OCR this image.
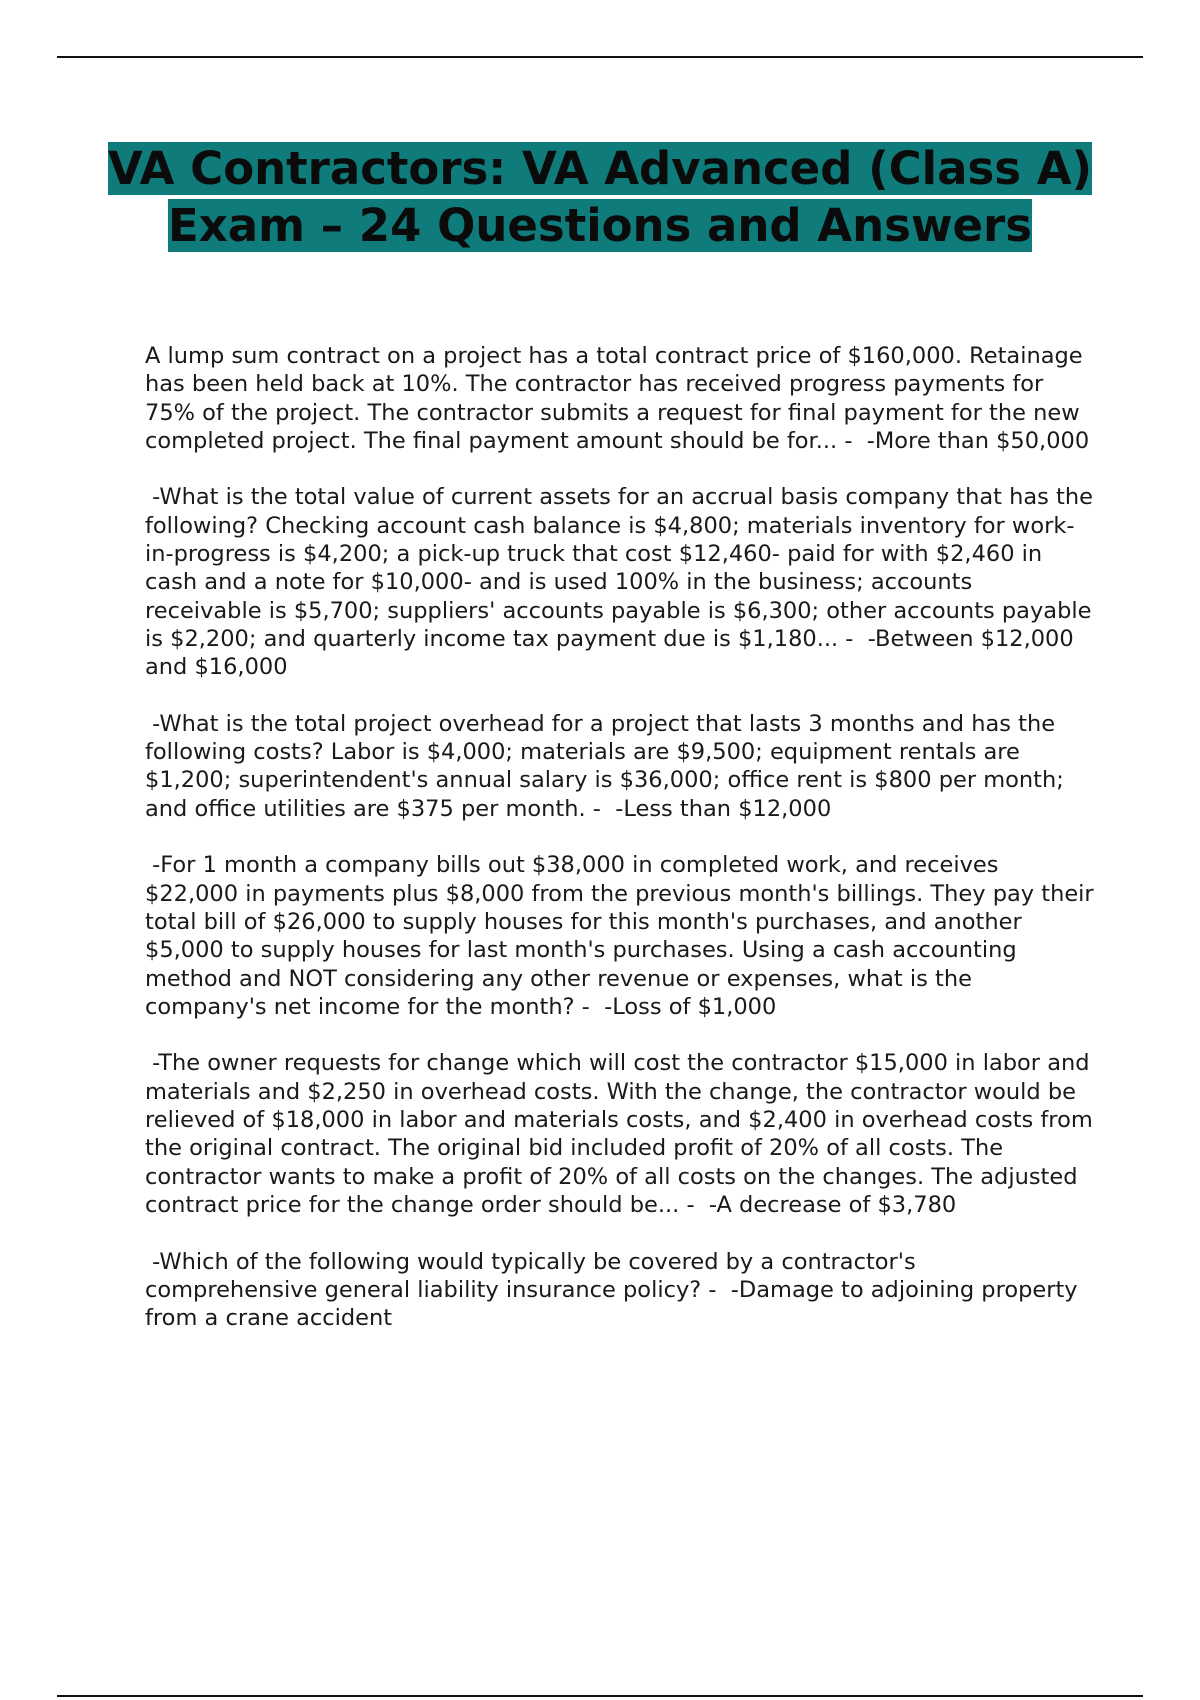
VA Contractors: VA Advanced (Class A) Exam – 24 Questions and Answers

A lump sum contract on a project has a total contract price of $160,000. Retainage has been held back at 10%. The contractor has received progress payments for 75% of the project. The contractor submits a request for final payment for the new completed project. The final payment amount should be for... -  -More than $50,000

-What is the total value of current assets for an accrual basis company that has the following? Checking account cash balance is $4,800; materials inventory for work-in-progress is $4,200; a pick-up truck that cost $12,460- paid for with $2,460 in cash and a note for $10,000- and is used 100% in the business; accounts receivable is $5,700; suppliers' accounts payable is $6,300; other accounts payable is $2,200; and quarterly income tax payment due is $1,180... -  -Between $12,000 and $16,000

-What is the total project overhead for a project that lasts 3 months and has the following costs? Labor is $4,000; materials are $9,500; equipment rentals are $1,200; superintendent's annual salary is $36,000; office rent is $800 per month; and office utilities are $375 per month. -  -Less than $12,000

-For 1 month a company bills out $38,000 in completed work, and receives $22,000 in payments plus $8,000 from the previous month's billings. They pay their total bill of $26,000 to supply houses for this month's purchases, and another $5,000 to supply houses for last month's purchases. Using a cash accounting method and NOT considering any other revenue or expenses, what is the company's net income for the month? -  -Loss of $1,000

-The owner requests for change which will cost the contractor $15,000 in labor and materials and $2,250 in overhead costs. With the change, the contractor would be relieved of $18,000 in labor and materials costs, and $2,400 in overhead costs from the original contract. The original bid included profit of 20% of all costs. The contractor wants to make a profit of 20% of all costs on the changes. The adjusted contract price for the change order should be... -  -A decrease of $3,780

-Which of the following would typically be covered by a contractor's comprehensive general liability insurance policy? -  -Damage to adjoining property from a crane accident
